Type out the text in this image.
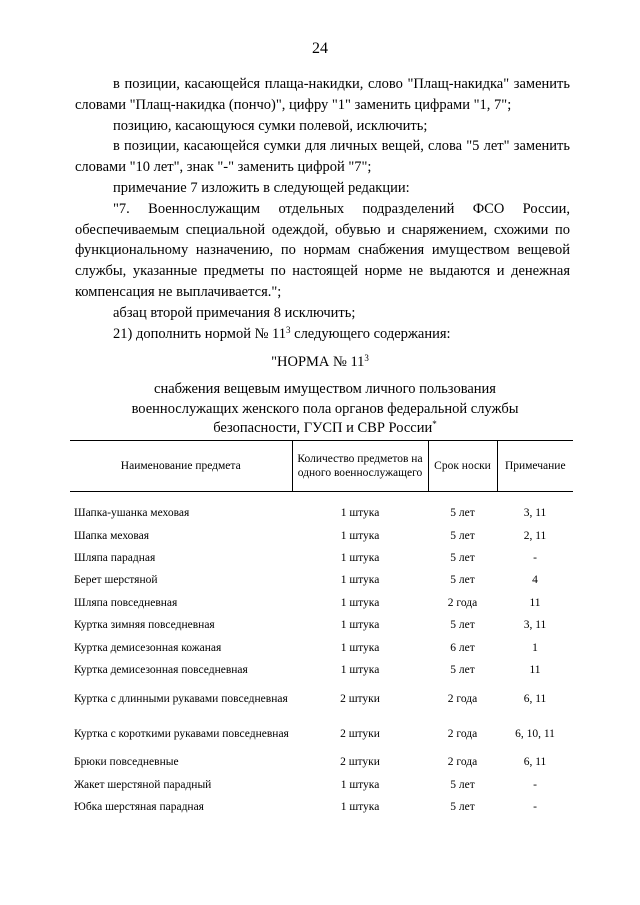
24

в позиции, касающейся плаща-накидки, слово "Плащ-накидка" заменить словами "Плащ-накидка (пончо)", цифру "1" заменить цифрами "1, 7";

позицию, касающуюся сумки полевой, исключить;

в позиции, касающейся сумки для личных вещей, слова "5 лет" заменить словами "10 лет", знак "-" заменить цифрой "7";

примечание 7 изложить в следующей редакции:

"7. Военнослужащим отдельных подразделений ФСО России, обеспечиваемым специальной одеждой, обувью и снаряжением, схожими по функциональному назначению, по нормам снабжения имуществом вещевой службы, указанные предметы по настоящей норме не выдаются и денежная компенсация не выплачивается.";

абзац второй примечания 8 исключить;

21) дополнить нормой № $11^3$ следующего содержания:

"НОРМА № $11^3$
снабжения вещевым имуществом личного пользования военнослужащих женского пола органов федеральной службы безопасности, ГУСП и СВР России*
Наименование предмета	Количество предметов на одного военнослужащего	Срок носки	Примечание

Шапка-ушанка меховая	1 штука	5 лет	3, 11
Шапка меховая	1 штука	5 лет	2, 11
Шляпа парадная	1 штука	5 лет	-
Берет шерстяной	1 штука	5 лет	4
Шляпа повседневная	1 штука	2 года	11
Куртка зимняя повседневная	1 штука	5 лет	3, 11
Куртка демисезонная кожаная	1 штука	6 лет	1
Куртка демисезонная повседневная	1 штука	5 лет	11
Куртка с длинными рукавами повседневная	2 штуки	2 года	6, 11
Куртка с короткими рукавами повседневная	2 штуки	2 года	6, 10, 11
Брюки повседневные	2 штуки	2 года	6, 11
Жакет шерстяной парадный	1 штука	5 лет	-
Юбка шерстяная парадная	1 штука	5 лет	-
